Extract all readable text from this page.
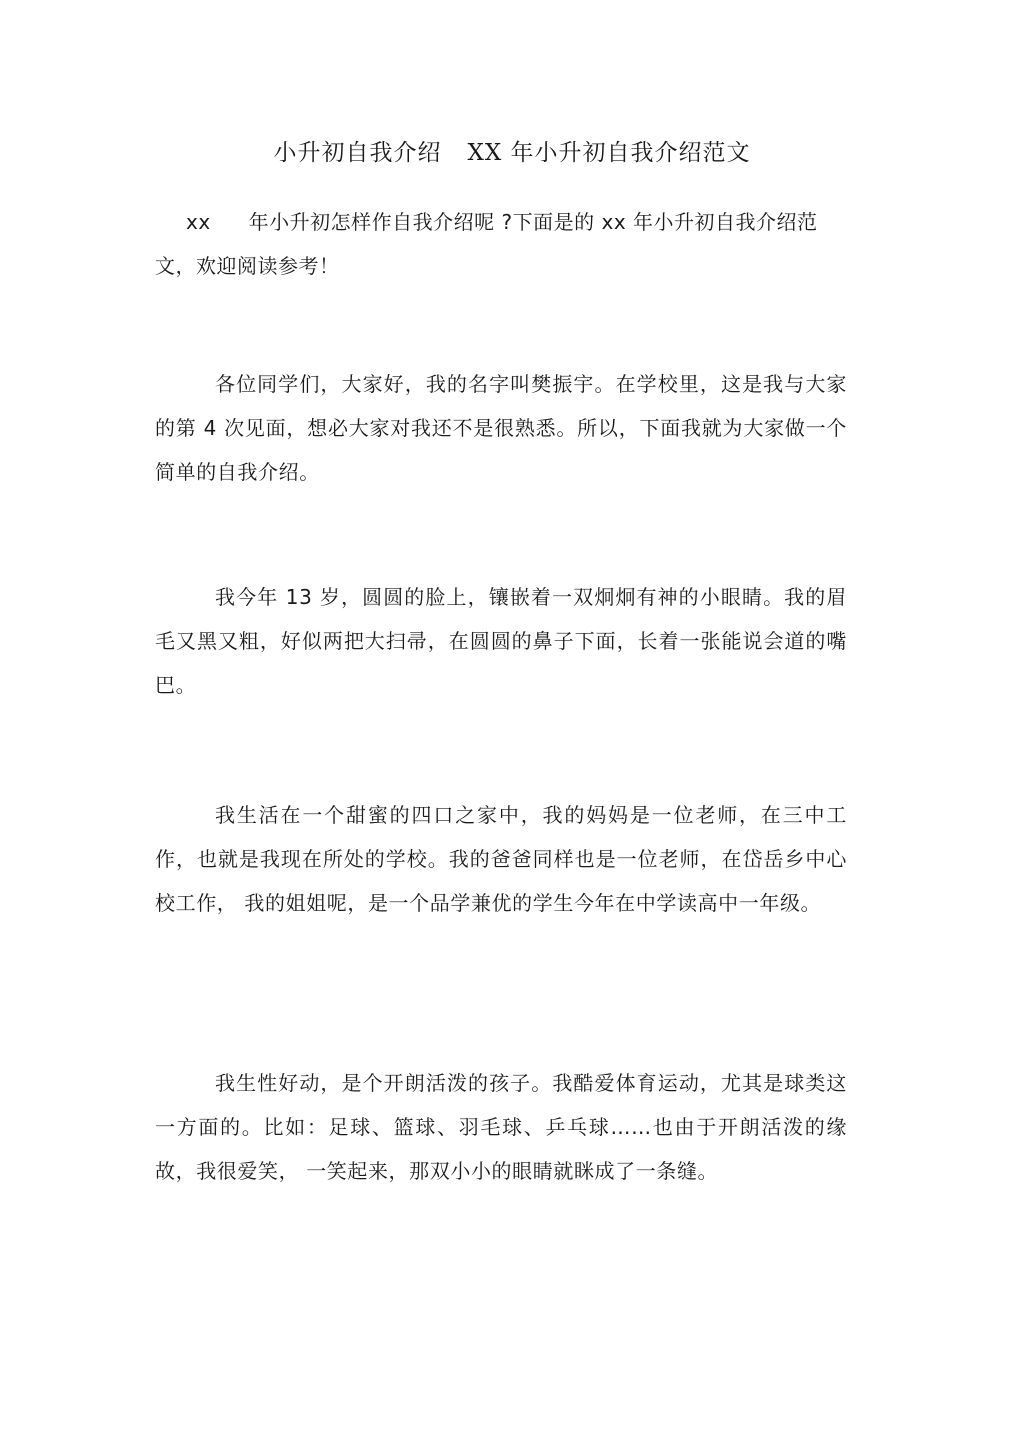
小升初自我介绍 XX 年小升初自我介绍范文
xx 年小升初怎样作自我介绍呢 ?下面是的 xx 年小升初自我介绍范文，欢迎阅读参考！
各位同学们，大家好，我的名字叫樊振宇。在学校里，这是我与大家的第 4 次见面，想必大家对我还不是很熟悉。所以，下面我就为大家做一个简单的自我介绍。
我今年 13 岁，圆圆的脸上，镶嵌着一双炯炯有神的小眼睛。我的眉毛又黑又粗，好似两把大扫帚，在圆圆的鼻子下面，长着一张能说会道的嘴巴。
我生活在一个甜蜜的四口之家中，我的妈妈是一位老师，在三中工作，也就是我现在所处的学校。我的爸爸同样也是一位老师，在岱岳乡中心校工作， 我的姐姐呢，是一个品学兼优的学生今年在中学读高中一年级。
我生性好动，是个开朗活泼的孩子。我酷爱体育运动，尤其是球类这一方面的。比如：足球、篮球、羽毛球、乒乓球……也由于开朗活泼的缘故，我很爱笑， 一笑起来，那双小小的眼睛就眯成了一条缝。
